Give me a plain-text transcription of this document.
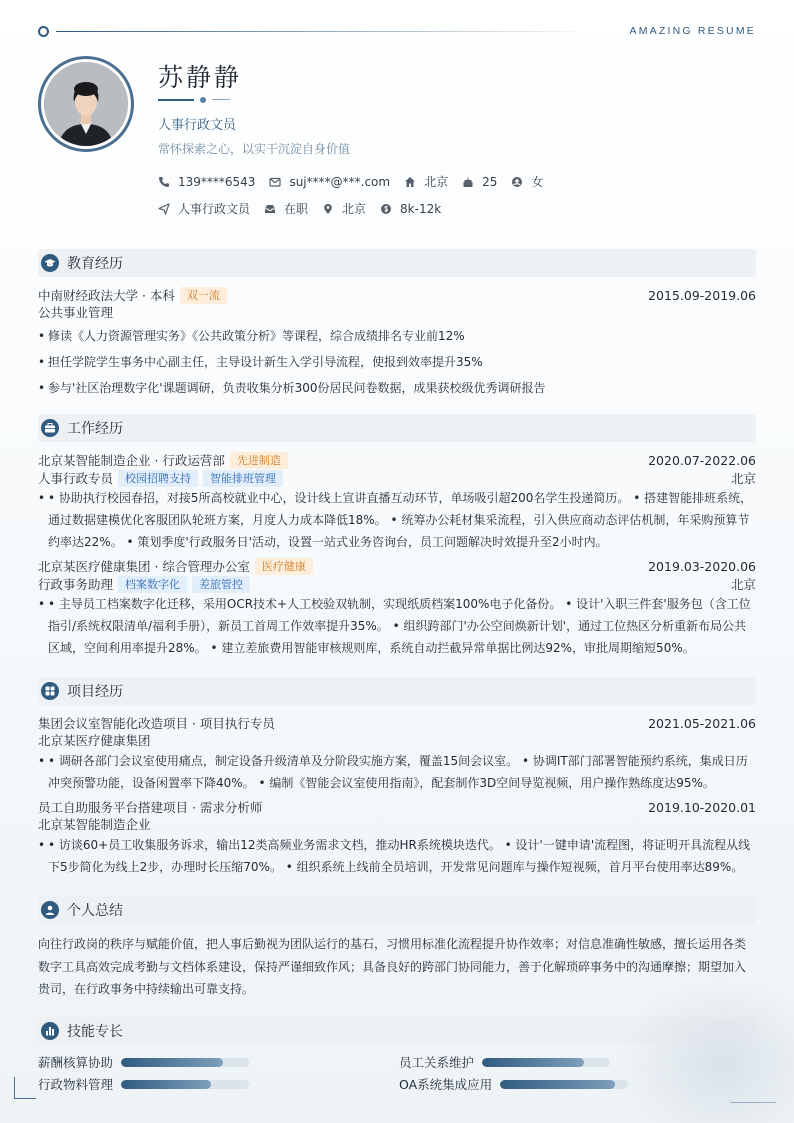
AMAZING RESUME
苏静静
人事行政文员
常怀探索之心，以实干沉淀自身价值
139****6543	suj****@***.com	北京	25	女
人事行政文员	在职	北京	8k-12k
教育经历
中南财经政法大学 · 本科	双一流	2015.09-2019.06
公共事业管理
• 修读《人力资源管理实务》《公共政策分析》等课程，综合成绩排名专业前12%
• 担任学院学生事务中心副主任，主导设计新生入学引导流程，使报到效率提升35%
• 参与'社区治理数字化'课题调研，负责收集分析300份居民问卷数据，成果获校级优秀调研报告
工作经历
北京某智能制造企业 · 行政运营部	先进制造	2020.07-2022.06
人事行政专员	校园招聘支持	智能排班管理	北京
• • 协助执行校园春招，对接5所高校就业中心，设计线上宣讲直播互动环节，单场吸引超200名学生投递简历。 • 搭建智能排班系统，通过数据建模优化客服团队轮班方案，月度人力成本降低18%。 • 统筹办公耗材集采流程，引入供应商动态评估机制，年采购预算节约率达22%。 • 策划季度'行政服务日'活动，设置一站式业务咨询台，员工问题解决时效提升至2小时内。
北京某医疗健康集团 · 综合管理办公室	医疗健康	2019.03-2020.06
行政事务助理	档案数字化	差旅管控	北京
• • 主导员工档案数字化迁移，采用OCR技术+人工校验双轨制，实现纸质档案100%电子化备份。 • 设计'入职三件套'服务包（含工位指引/系统权限清单/福利手册），新员工首周工作效率提升35%。 • 组织跨部门'办公空间焕新计划'，通过工位热区分析重新布局公共区域，空间利用率提升28%。 • 建立差旅费用智能审核规则库，系统自动拦截异常单据比例达92%，审批周期缩短50%。
项目经历
集团会议室智能化改造项目 · 项目执行专员	2021.05-2021.06
北京某医疗健康集团
• • 调研各部门会议室使用痛点，制定设备升级清单及分阶段实施方案，覆盖15间会议室。 • 协调IT部门部署智能预约系统，集成日历冲突预警功能，设备闲置率下降40%。 • 编制《智能会议室使用指南》，配套制作3D空间导览视频，用户操作熟练度达95%。
员工自助服务平台搭建项目 · 需求分析师	2019.10-2020.01
北京某智能制造企业
• • 访谈60+员工收集服务诉求，输出12类高频业务需求文档，推动HR系统模块迭代。 • 设计'一键申请'流程图，将证明开具流程从线下5步简化为线上2步，办理时长压缩70%。 • 组织系统上线前全员培训，开发常见问题库与操作短视频，首月平台使用率达89%。
个人总结
向往行政岗的秩序与赋能价值，把人事后勤视为团队运行的基石，习惯用标准化流程提升协作效率；对信息准确性敏感，擅长运用各类数字工具高效完成考勤与文档体系建设，保持严谨细致作风；具备良好的跨部门协同能力，善于化解琐碎事务中的沟通摩擦；期望加入贵司，在行政事务中持续输出可靠支持。
技能专长
薪酬核算协助	员工关系维护
行政物料管理	OA系统集成应用
